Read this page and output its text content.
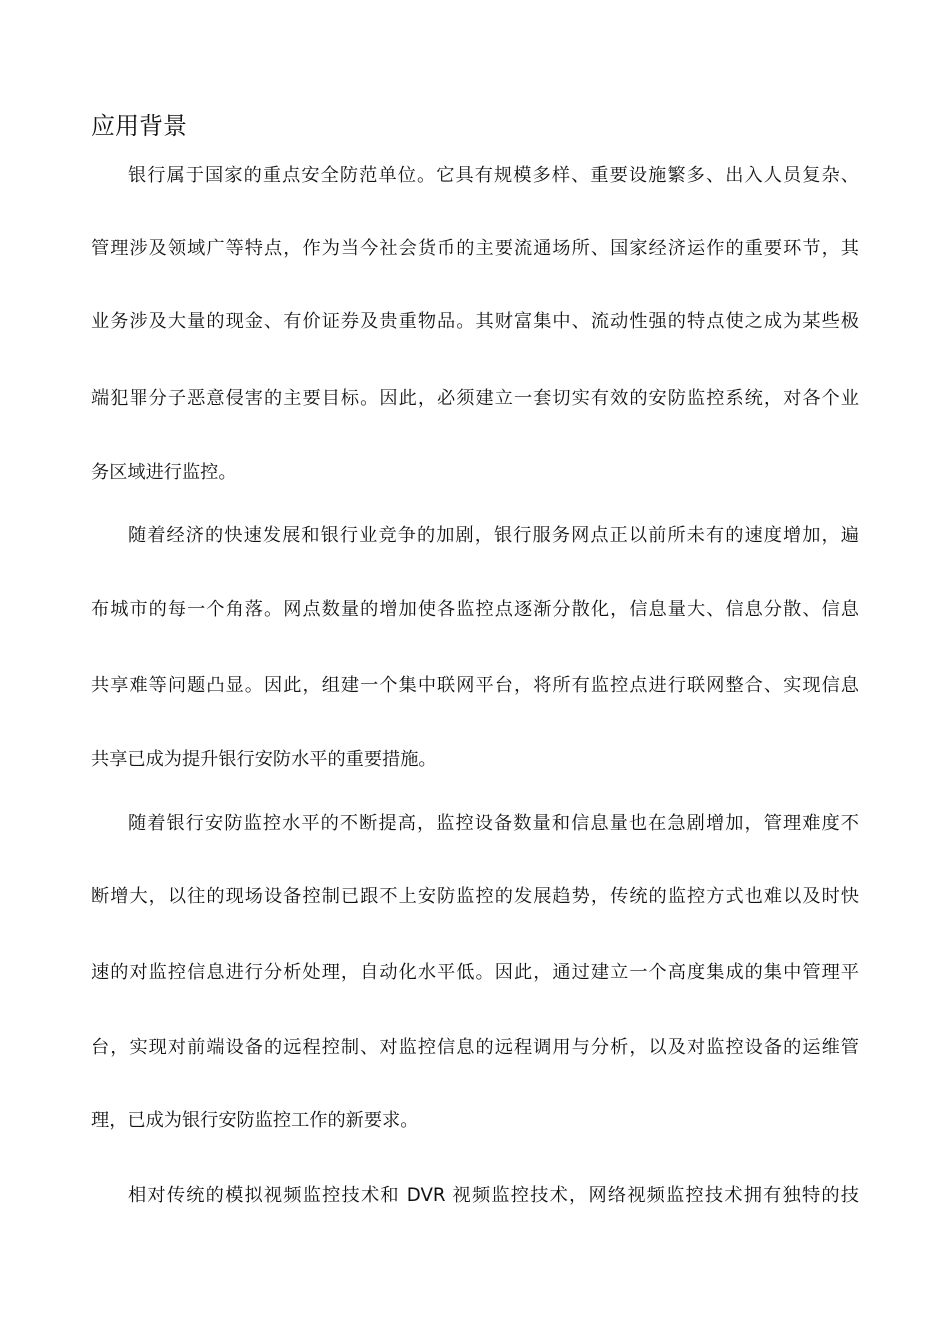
应用背景

银行属于国家的重点安全防范单位。它具有规模多样、重要设施繁多、出入人员复杂、

管理涉及领域广等特点，作为当今社会货币的主要流通场所、国家经济运作的重要环节，其

业务涉及大量的现金、有价证券及贵重物品。其财富集中、流动性强的特点使之成为某些极

端犯罪分子恶意侵害的主要目标。因此，必须建立一套切实有效的安防监控系统，对各个业

务区域进行监控。

随着经济的快速发展和银行业竞争的加剧，银行服务网点正以前所未有的速度增加，遍

布城市的每一个角落。网点数量的增加使各监控点逐渐分散化，信息量大、信息分散、信息

共享难等问题凸显。因此，组建一个集中联网平台，将所有监控点进行联网整合、实现信息

共享已成为提升银行安防水平的重要措施。

随着银行安防监控水平的不断提高，监控设备数量和信息量也在急剧增加，管理难度不

断增大，以往的现场设备控制已跟不上安防监控的发展趋势，传统的监控方式也难以及时快

速的对监控信息进行分析处理，自动化水平低。因此，通过建立一个高度集成的集中管理平

台，实现对前端设备的远程控制、对监控信息的远程调用与分析，以及对监控设备的运维管

理，已成为银行安防监控工作的新要求。

相对传统的模拟视频监控技术和 DVR 视频监控技术，网络视频监控技术拥有独特的技
